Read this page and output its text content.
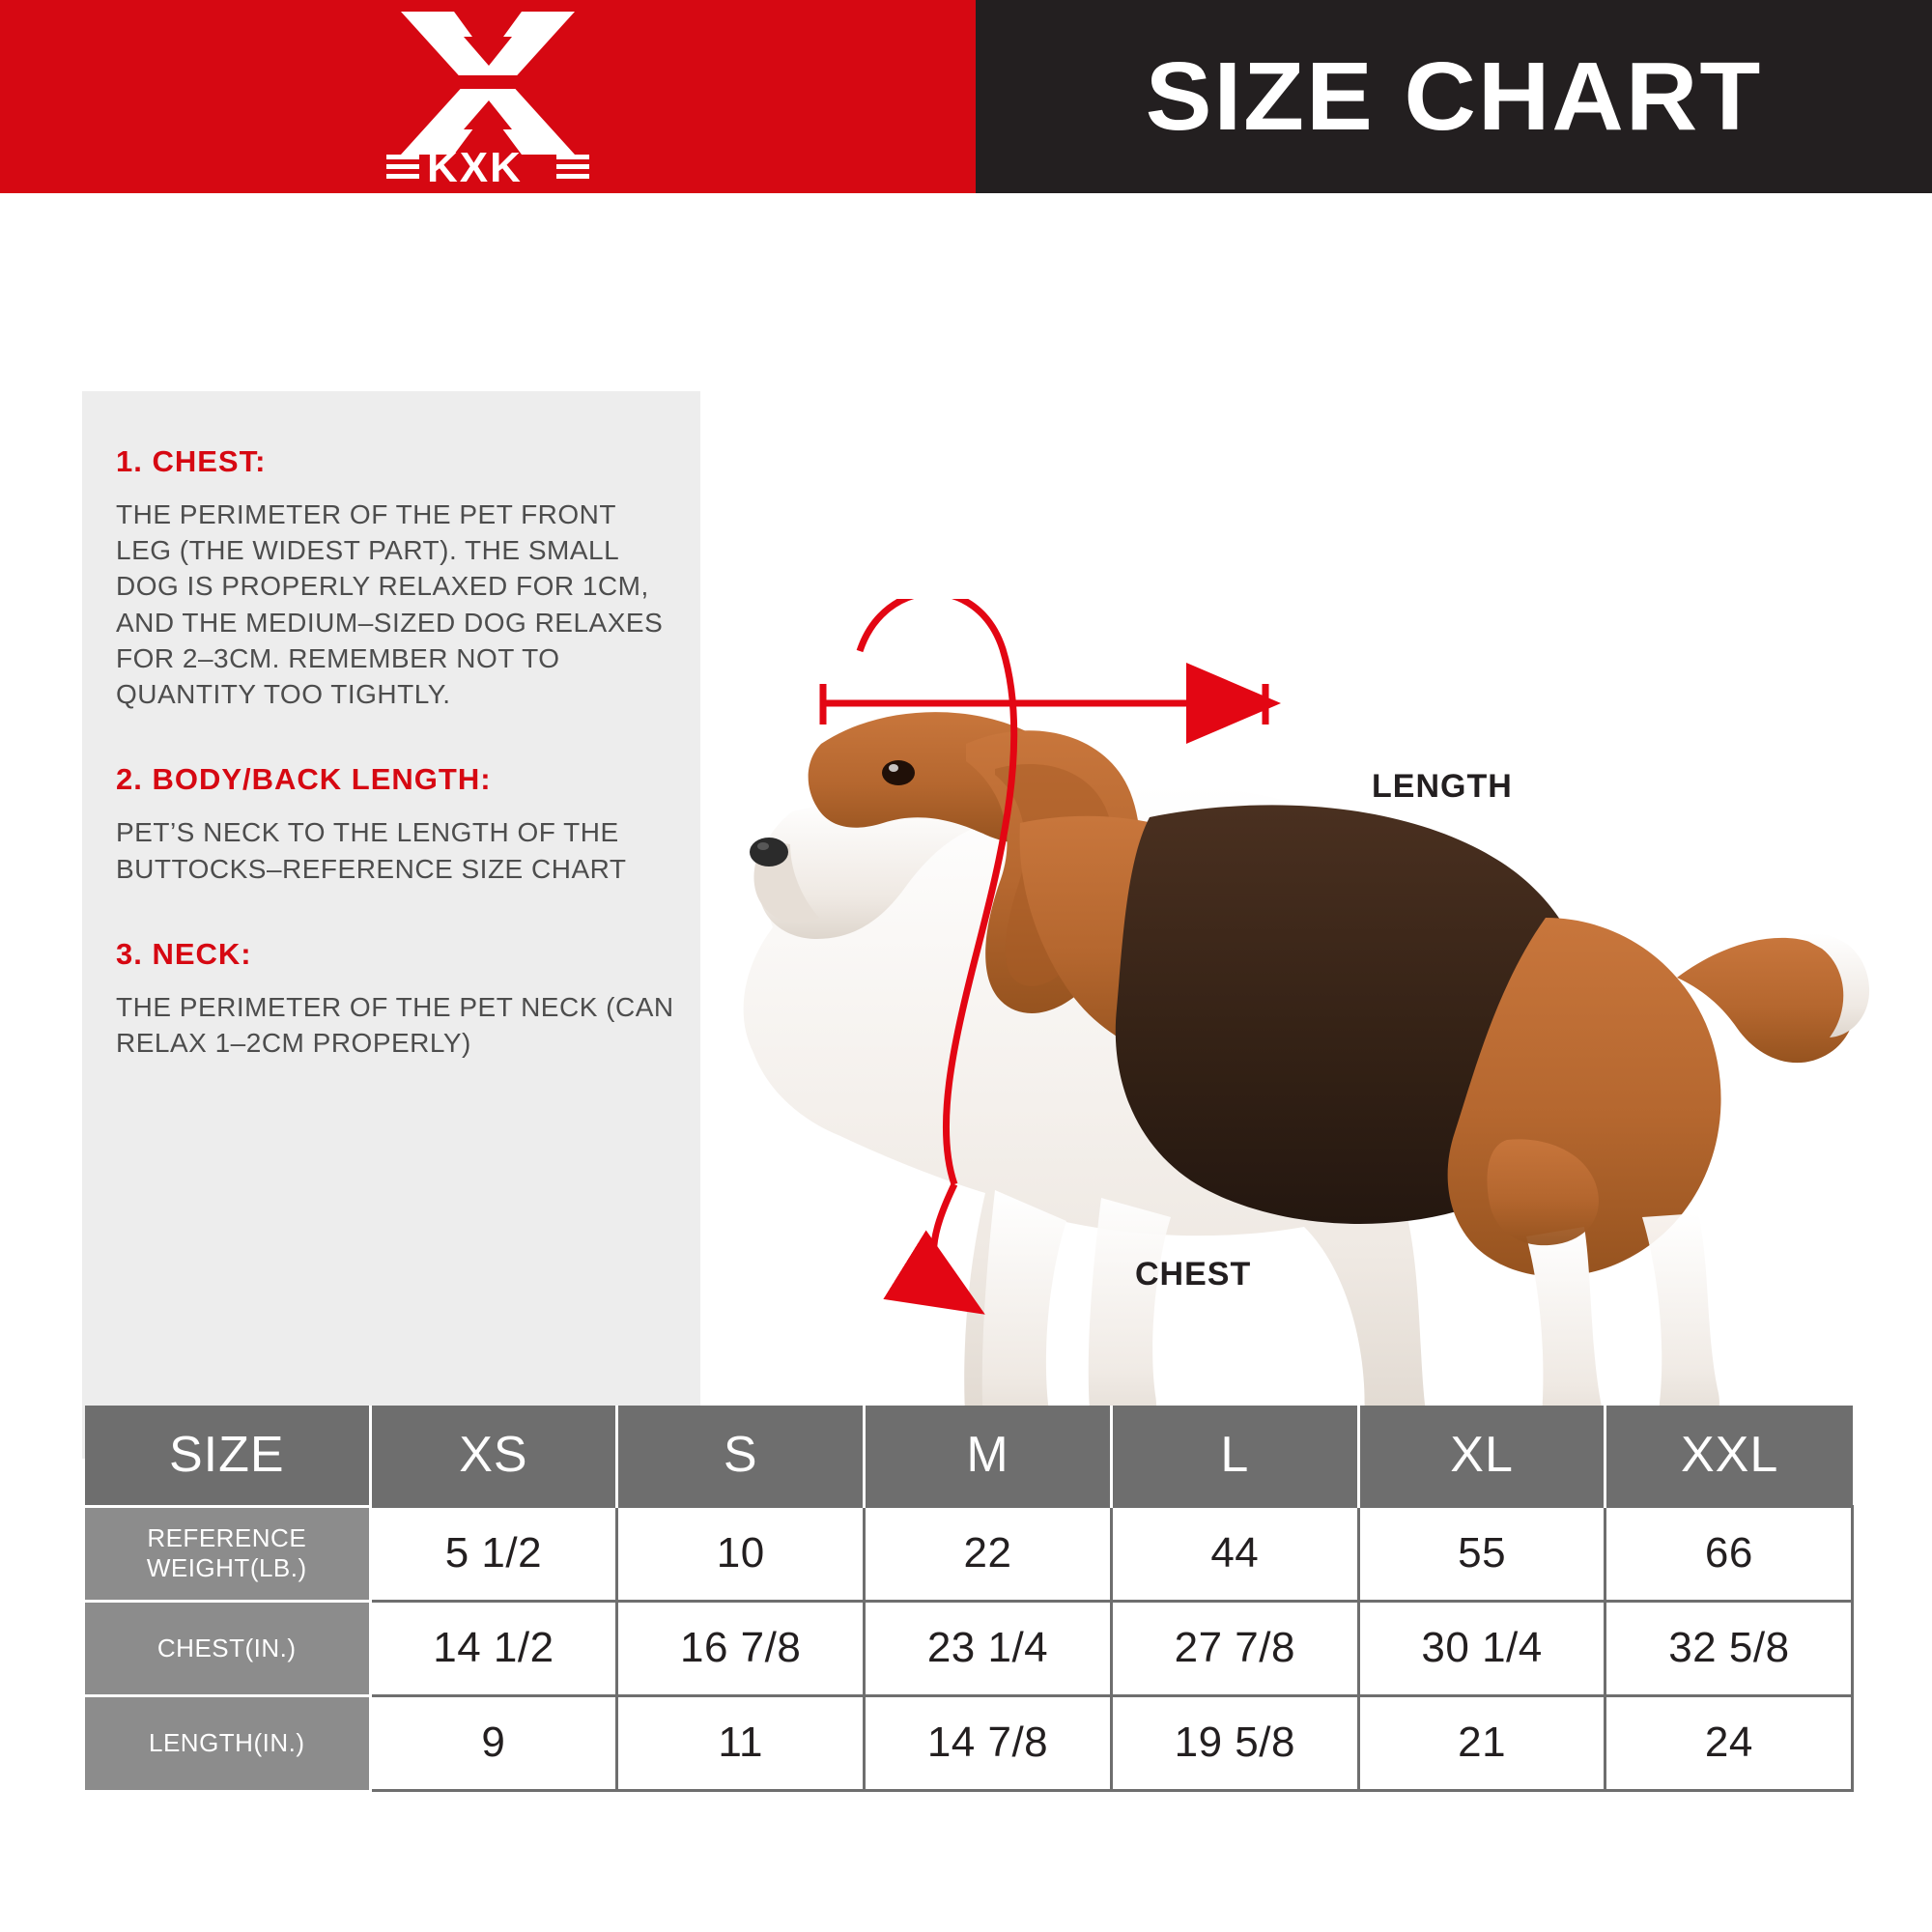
KXK
SIZE CHART
1. CHEST:
THE PERIMETER OF THE PET FRONT LEG (THE WIDEST PART). THE SMALL DOG IS PROPERLY RELAXED FOR 1CM, AND THE MEDIUM–SIZED DOG RELAXES FOR 2–3CM. REMEMBER NOT TO QUANTITY TOO TIGHTLY.
2. BODY/BACK LENGTH:
PET’S NECK TO THE LENGTH OF THE BUTTOCKS–REFERENCE SIZE CHART
3. NECK:
THE PERIMETER OF THE PET NECK (CAN RELAX 1–2CM PROPERLY)
LENGTH
CHEST
SIZE	XS	S	M	L	XL	XXL
REFERENCE WEIGHT(LB.)	5 1/2	10	22	44	55	66
CHEST(IN.)	14 1/2	16 7/8	23 1/4	27 7/8	30 1/4	32 5/8
LENGTH(IN.)	9	11	14 7/8	19 5/8	21	24
